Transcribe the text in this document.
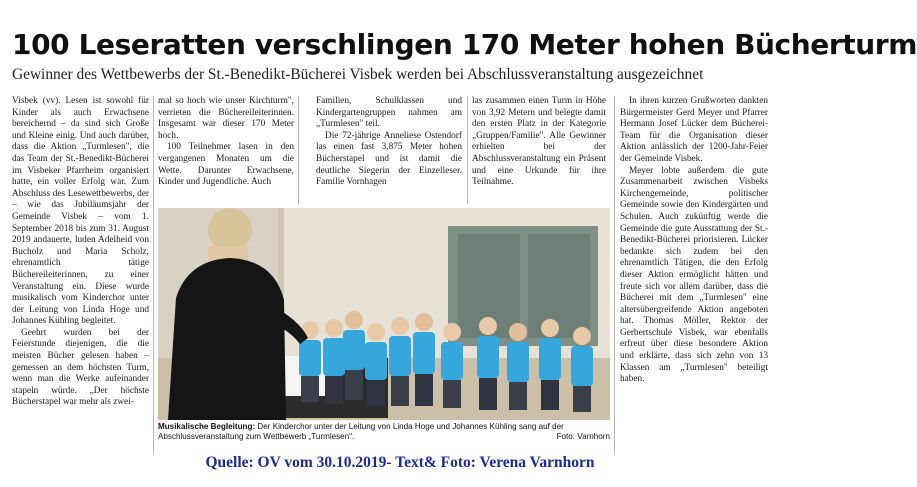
100 Leseratten verschlingen 170 Meter hohen Bücherturm
Gewinner des Wettbewerbs der St.-Benedikt-Bücherei Visbek werden bei Abschlussveranstaltung ausgezeichnet

Visbek (vv). Lesen ist sowohl für Kinder als auch Erwachsene bereichernd – da sind sich Große und Kleine einig. Und auch darüber, dass die Aktion „Turmlesen", die das Team der St.-Benedikt-Bücherei im Visbeker Pfarrheim organisiert hatte, ein voller Erfolg war. Zum Abschluss des Lesewettbewerbs, der – wie das Jubiläumsjahr der Gemeinde Visbek – vom 1. September 2018 bis zum 31. August 2019 andauerte, luden Adelheid von Bucholz und Maria Scholz, ehrenamtlich tätige Büchereileiterinnen, zu einer Veranstaltung ein. Diese wurde musikalisch vom Kinderchor unter der Leitung von Linda Hoge und Johannes Kühling begleitet.

Geehrt wurden bei der Feierstunde diejenigen, die die meisten Bücher gelesen haben – gemessen an dem höchsten Turm, wenn man die Werke aufeinander stapeln würde. „Der höchste Bücherstapel war mehr als zwei-

mal so hoch wie unser Kirchturm", verrieten die Büchereileiterinnen. Insgesamt war dieser 170 Meter hoch.

100 Teilnehmer lasen in den vergangenen Monaten um die Wette. Darunter Erwachsene, Kinder und Jugendliche. Auch

Familien, Schulklassen und Kindergartengruppen nahmen am „Turmlesen" teil.

Die 72-jährige Anneliese Ostendorf las einen fast 3,875 Meter hohen Bücherstapel und ist damit die deutliche Siegerin der Einzelleser. Familie Vornhagen

las zusammen einen Turm in Höhe von 3,92 Metern und belegte damit den ersten Platz in der Kategorie „Gruppen/Familie". Alle Gewinner erhielten bei der Abschlussveranstaltung ein Präsent und eine Urkunde für ihre Teilnahme.

In ihren kurzen Grußworten dankten Bürgermeister Gerd Meyer und Pfarrer Hermann Josef Lücker dem Bücherei-Team für die Organisation dieser Aktion anlässlich der 1200-Jahr-Feier der Gemeinde Visbek.

Meyer lobte außerdem die gute Zusammenarbeit zwischen Visbeks Kirchengemeinde, politischer Gemeinde sowie den Kindergärten und Schulen. Auch zukünftig werde die Gemeinde die gute Ausstattung der St.-Benedikt-Bücherei priorisieren. Lücker bedankte sich zudem bei den ehrenamtlich Tätigen, die den Erfolg dieser Aktion ermöglicht hätten und freute sich vor allem darüber, dass die Bücherei mit dem „Turmlesen" eine altersübergreifende Aktion angeboten hat. Thomas Möller, Rektor der Gerbertschule Visbek, war ebenfalls erfreut über diese besondere Aktion und erklärte, dass sich zehn von 13 Klassen am „Turmlesen" beteiligt haben.

Musikalische Begleitung: Der Kinderchor unter der Leitung von Linda Hoge und Johannes Kühling sang auf der Abschlussveranstaltung zum Wettbewerb „Turmlesen".	Foto: Varnhorn
Quelle: OV vom 30.10.2019- Text& Foto: Verena Varnhorn
